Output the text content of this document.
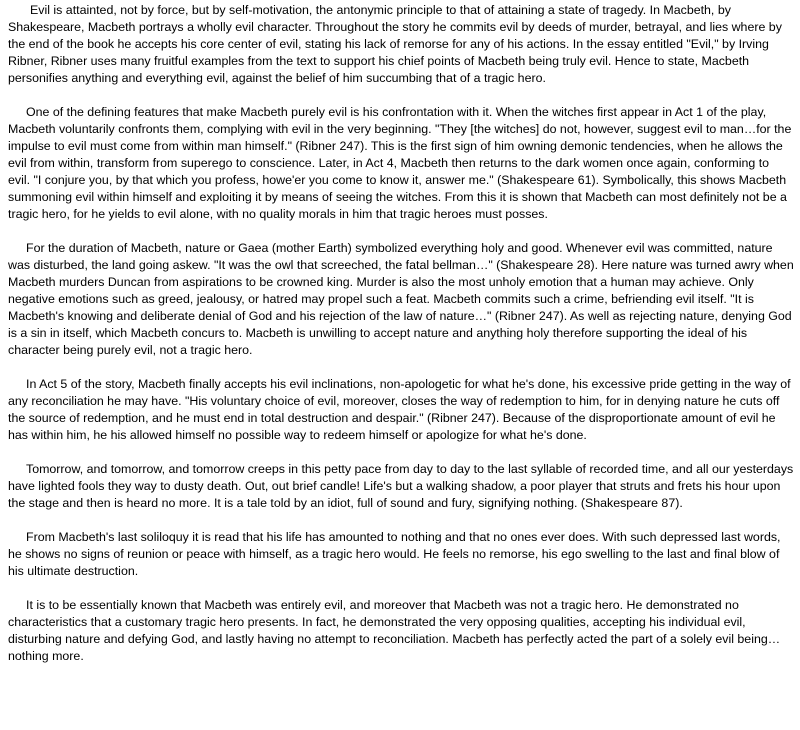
Evil is attainted, not by force, but by self-motivation, the antonymic principle to that of attaining a state of tragedy. In Macbeth, by Shakespeare, Macbeth portrays a wholly evil character. Throughout the story he commits evil by deeds of murder, betrayal, and lies where by the end of the book he accepts his core center of evil, stating his lack of remorse for any of his actions. In the essay entitled "Evil," by Irving Ribner, Ribner uses many fruitful examples from the text to support his chief points of Macbeth being truly evil. Hence to state, Macbeth personifies anything and everything evil, against the belief of him succumbing that of a tragic hero.

One of the defining features that make Macbeth purely evil is his confrontation with it. When the witches first appear in Act 1 of the play, Macbeth voluntarily confronts them, complying with evil in the very beginning. "They [the witches] do not, however, suggest evil to man…for the impulse to evil must come from within man himself." (Ribner 247). This is the first sign of him owning demonic tendencies, when he allows the evil from within, transform from superego to conscience. Later, in Act 4, Macbeth then returns to the dark women once again, conforming to evil. "I conjure you, by that which you profess, howe'er you come to know it, answer me." (Shakespeare 61). Symbolically, this shows Macbeth summoning evil within himself and exploiting it by means of seeing the witches. From this it is shown that Macbeth can most definitely not be a tragic hero, for he yields to evil alone, with no quality morals in him that tragic heroes must posses.

For the duration of Macbeth, nature or Gaea (mother Earth) symbolized everything holy and good. Whenever evil was committed, nature was disturbed, the land going askew. "It was the owl that screeched, the fatal bellman…" (Shakespeare 28). Here nature was turned awry when Macbeth murders Duncan from aspirations to be crowned king. Murder is also the most unholy emotion that a human may achieve. Only negative emotions such as greed, jealousy, or hatred may propel such a feat. Macbeth commits such a crime, befriending evil itself. "It is Macbeth's knowing and deliberate denial of God and his rejection of the law of nature…" (Ribner 247). As well as rejecting nature, denying God is a sin in itself, which Macbeth concurs to. Macbeth is unwilling to accept nature and anything holy therefore supporting the ideal of his character being purely evil, not a tragic hero.

In Act 5 of the story, Macbeth finally accepts his evil inclinations, non-apologetic for what he's done, his excessive pride getting in the way of any reconciliation he may have. "His voluntary choice of evil, moreover, closes the way of redemption to him, for in denying nature he cuts off the source of redemption, and he must end in total destruction and despair." (Ribner 247). Because of the disproportionate amount of evil he has within him, he his allowed himself no possible way to redeem himself or apologize for what he's done.

Tomorrow, and tomorrow, and tomorrow creeps in this petty pace from day to day to the last syllable of recorded time, and all our yesterdays have lighted fools they way to dusty death. Out, out brief candle! Life's but a walking shadow, a poor player that struts and frets his hour upon the stage and then is heard no more. It is a tale told by an idiot, full of sound and fury, signifying nothing. (Shakespeare 87).

From Macbeth's last soliloquy it is read that his life has amounted to nothing and that no ones ever does. With such depressed last words, he shows no signs of reunion or peace with himself, as a tragic hero would. He feels no remorse, his ego swelling to the last and final blow of his ultimate destruction.

It is to be essentially known that Macbeth was entirely evil, and moreover that Macbeth was not a tragic hero. He demonstrated no characteristics that a customary tragic hero presents. In fact, he demonstrated the very opposing qualities, accepting his individual evil, disturbing nature and defying God, and lastly having no attempt to reconciliation. Macbeth has perfectly acted the part of a solely evil being…nothing more.
